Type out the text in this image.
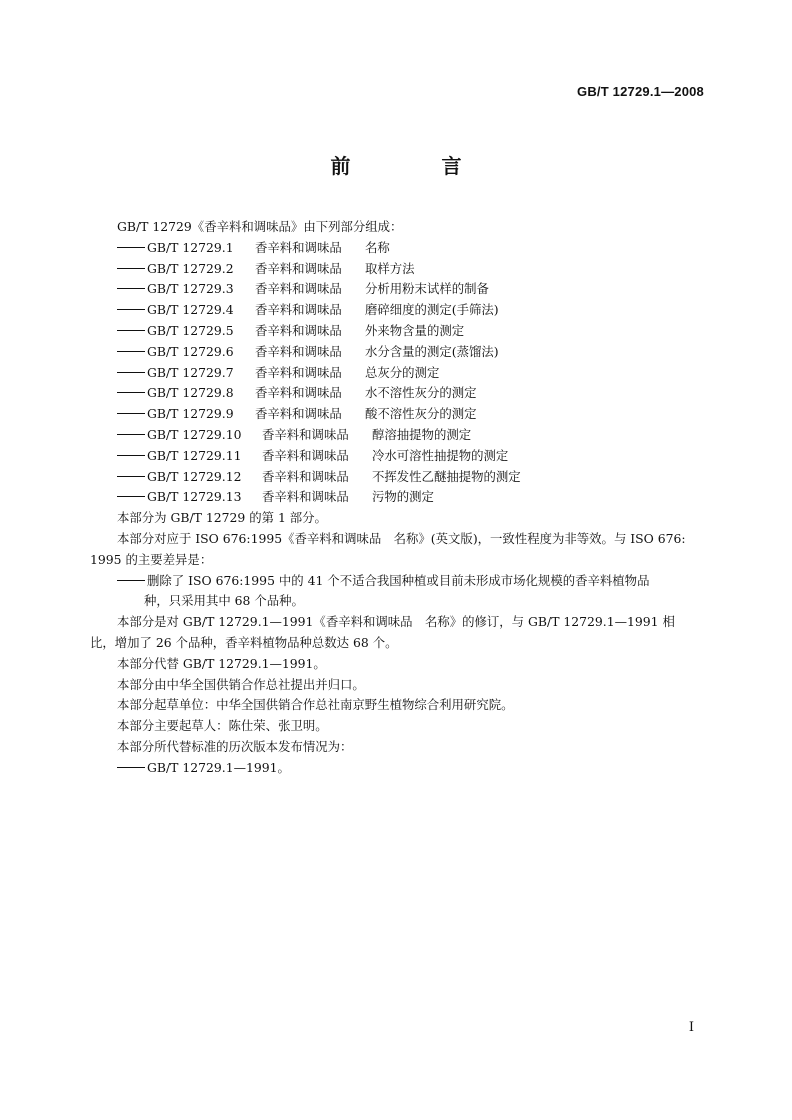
GB/T 12729.1—2008
前 言
GB/T 12729《香辛料和调味品》由下列部分组成：
GB/T 12729.1 香辛料和调味品 名称
GB/T 12729.2 香辛料和调味品 取样方法
GB/T 12729.3 香辛料和调味品 分析用粉末试样的制备
GB/T 12729.4 香辛料和调味品 磨碎细度的测定(手筛法)
GB/T 12729.5 香辛料和调味品 外来物含量的测定
GB/T 12729.6 香辛料和调味品 水分含量的测定(蒸馏法)
GB/T 12729.7 香辛料和调味品 总灰分的测定
GB/T 12729.8 香辛料和调味品 水不溶性灰分的测定
GB/T 12729.9 香辛料和调味品 酸不溶性灰分的测定
GB/T 12729.10 香辛料和调味品 醇溶抽提物的测定
GB/T 12729.11 香辛料和调味品 冷水可溶性抽提物的测定
GB/T 12729.12 香辛料和调味品 不挥发性乙醚抽提物的测定
GB/T 12729.13 香辛料和调味品 污物的测定
本部分为 GB/T 12729 的第 1 部分。
本部分对应于 ISO 676:1995《香辛料和调味品　名称》(英文版)，一致性程度为非等效。与 ISO 676:
1995 的主要差异是：
删除了 ISO 676:1995 中的 41 个不适合我国种植或目前未形成市场化规模的香辛料植物品
种，只采用其中 68 个品种。
本部分是对 GB/T 12729.1—1991《香辛料和调味品　名称》的修订，与 GB/T 12729.1—1991 相
比，增加了 26 个品种，香辛料植物品种总数达 68 个。
本部分代替 GB/T 12729.1—1991。
本部分由中华全国供销合作总社提出并归口。
本部分起草单位：中华全国供销合作总社南京野生植物综合利用研究院。
本部分主要起草人：陈仕荣、张卫明。
本部分所代替标准的历次版本发布情况为：
GB/T 12729.1—1991。
I
